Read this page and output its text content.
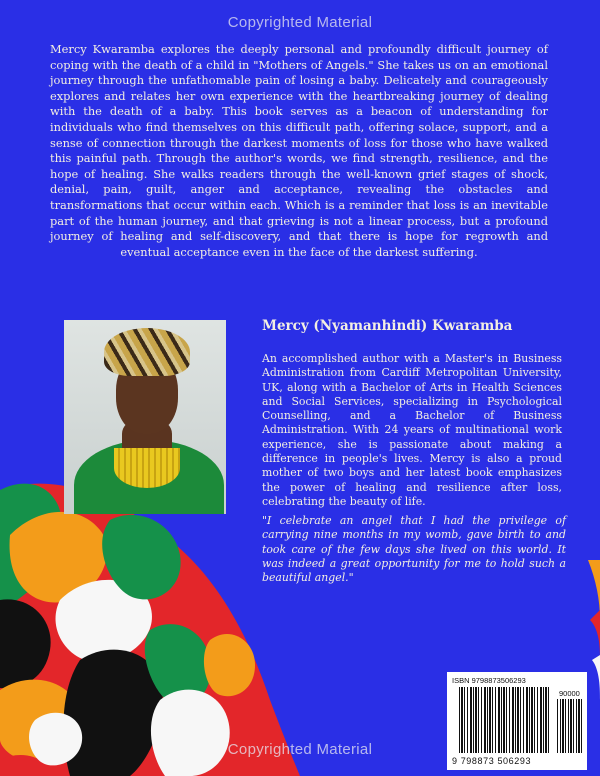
Copyrighted Material
Mercy Kwaramba explores the deeply personal and profoundly difficult journey of coping with the death of a child in "Mothers of Angels." She takes us on an emotional journey through the unfathomable pain of losing a baby. Delicately and courageously explores and relates her own experience with the heartbreaking journey of dealing with the death of a baby. This book serves as a beacon of understanding for individuals who find themselves on this difficult path, offering solace, support, and a sense of connection through the darkest moments of loss for those who have walked this painful path. Through the author's words, we find strength, resilience, and the hope of healing. She walks readers through the well-known grief stages of shock, denial, pain, guilt, anger and acceptance, revealing the obstacles and transformations that occur within each. Which is a reminder that loss is an inevitable part of the human journey, and that grieving is not a linear process, but a profound journey of healing and self-discovery, and that there is hope for regrowth and eventual acceptance even in the face of the darkest suffering.
Mercy (Nyamanhindi) Kwaramba
An accomplished author with a Master's in Business Administration from Cardiff Metropolitan University, UK, along with a Bachelor of Arts in Health Sciences and Social Services, specializing in Psychological Counselling, and a Bachelor of Business Administration. With 24 years of multinational work experience, she is passionate about making a difference in people's lives. Mercy is also a proud mother of two boys and her latest book emphasizes the power of healing and resilience after loss, celebrating the beauty of life.
"I celebrate an angel that I had the privilege of carrying nine months in my womb, gave birth to and took care of the few days she lived on this world. It was indeed a great opportunity for me to hold such a beautiful angel."
ISBN 9798873506293
90000
9 798873 506293
Copyrighted Material
